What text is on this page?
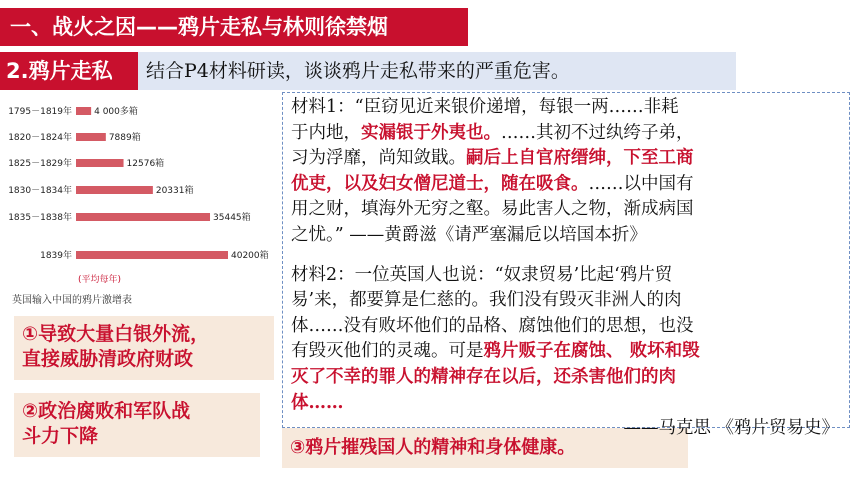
一、战火之因——鸦片走私与林则徐禁烟
2.鸦片走私	结合P4材料研读，谈谈鸦片走私带来的严重危害。
1795－1819年 4 000多箱
1820－1824年	7889箱
1825－1829年	12576箱
1830－1834年	20331箱
1835－1838年	35445箱
1839年	40200箱
(平均每年)
英国输入中国的鸦片激增表
①导致大量白银外流，
直接威胁清政府财政
②政治腐败和军队战
斗力下降
③鸦片摧残国人的精神和身体健康。

材料1：“臣窃见近来银价递增，每银一两……非耗

于内地，实漏银于外夷也。……其初不过纨绔子弟，

习为浮靡，尚知敛戢。嗣后上自官府缙绅，下至工商

优吏，以及妇女僧尼道士，随在吸食。……以中国有

用之财，填海外无穷之壑。易此害人之物，渐成病国

之忧。” ——黄爵滋《请严塞漏卮以培国本折》

材料2：一位英国人也说：“奴隶贸易’比起‘鸦片贸

易’来，都要算是仁慈的。我们没有毁灭非洲人的肉

体……没有败坏他们的品格、腐蚀他们的思想，也没

有毁灭他们的灵魂。可是鸦片贩子在腐蚀、 败坏和毁

灭了不幸的罪人的精神存在以后，还杀害他们的肉

体……

——马克思 《鸦片贸易史》
